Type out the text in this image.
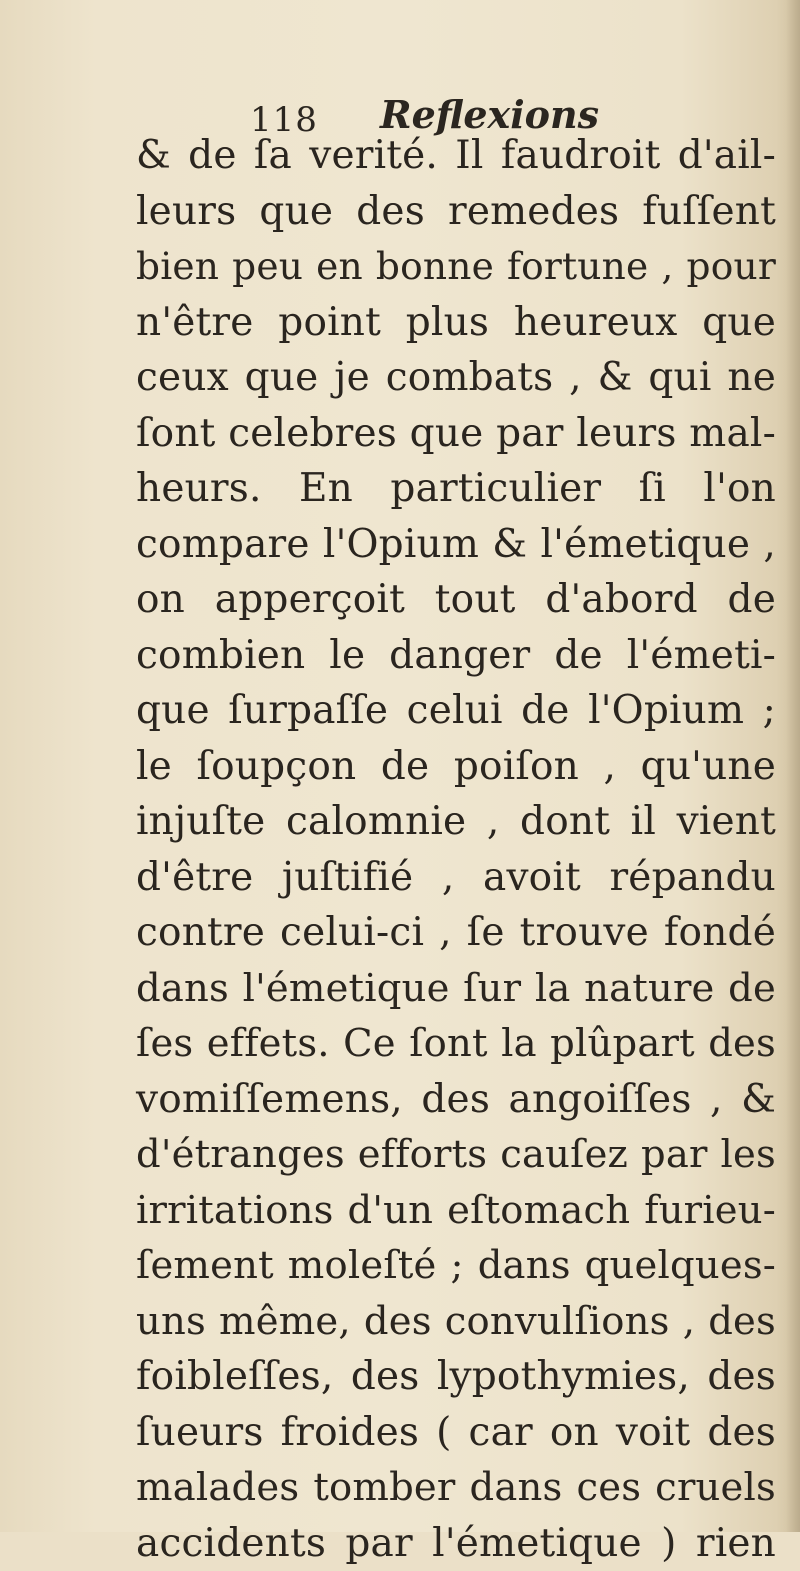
118 Reflexions
& de ſa verité. Il faudroit d'ail-
leurs que des remedes fuſſent
bien peu en bonne fortune , pour
n'être point plus heureux que
ceux que je combats , & qui ne
ſont celebres que par leurs mal-
heurs. En particulier ſi l'on
compare l'Opium & l'émetique ,
on apperçoit tout d'abord de
combien le danger de l'émeti-
que ſurpaſſe celui de l'Opium ;
le ſoupçon de poiſon , qu'une
injuſte calomnie , dont il vient
d'être juſtifié , avoit répandu
contre celui-ci , ſe trouve fondé
dans l'émetique ſur la nature de
ſes effets. Ce ſont la plûpart des
vomiſſemens, des angoiſſes , &
d'étranges efforts cauſez par les
irritations d'un eſtomach furieu-
ſement moleſté ; dans quelques-
uns même, des convulſions , des
foibleſſes, des lypothymies, des
ſueurs froides ( car on voit des
malades tomber dans ces cruels
accidents par l'émetique ) rien
